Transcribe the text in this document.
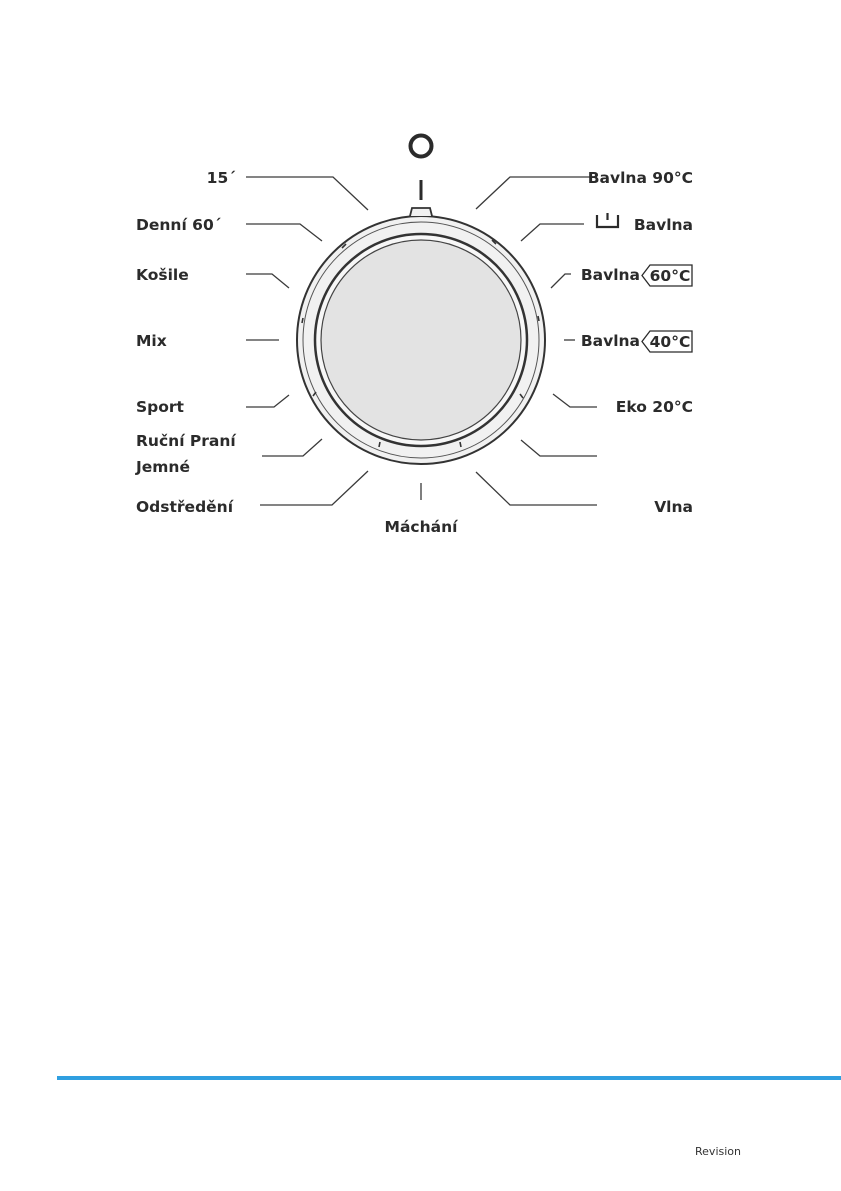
15´
Denní 60´
Košile
Mix
Sport
Ruční Praní
Jemné
Odstředění
Máchání
Bavlna 90°C
Bavlna
Bavlna 60°C
Bavlna 40°C
Eko 20°C
Vlna
Revision
